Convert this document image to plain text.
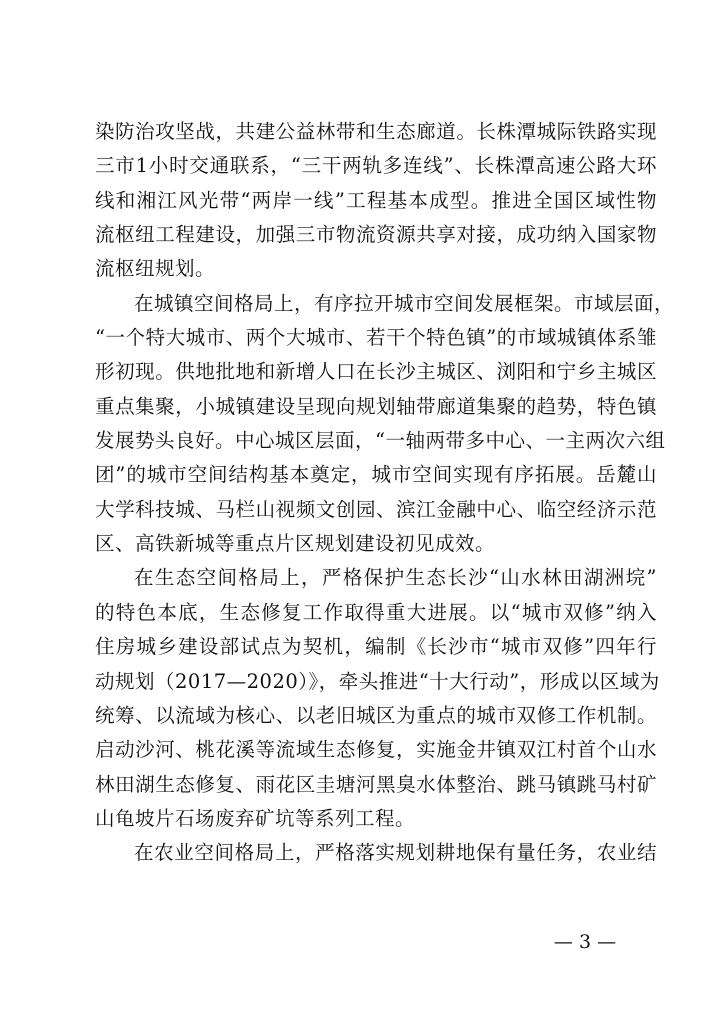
染防治攻坚战，共建公益林带和生态廊道。长株潭城际铁路实现
三市1小时交通联系，“三干两轨多连线”、长株潭高速公路大环
线和湘江风光带“两岸一线”工程基本成型。推进全国区域性物
流枢纽工程建设，加强三市物流资源共享对接，成功纳入国家物
流枢纽规划。
在城镇空间格局上，有序拉开城市空间发展框架。市域层面，
“一个特大城市、两个大城市、若干个特色镇”的市域城镇体系雏
形初现。供地批地和新增人口在长沙主城区、浏阳和宁乡主城区
重点集聚，小城镇建设呈现向规划轴带廊道集聚的趋势，特色镇
发展势头良好。中心城区层面，“一轴两带多中心、一主两次六组
团”的城市空间结构基本奠定，城市空间实现有序拓展。岳麓山
大学科技城、马栏山视频文创园、滨江金融中心、临空经济示范
区、高铁新城等重点片区规划建设初见成效。
在生态空间格局上，严格保护生态长沙“山水林田湖洲垸”
的特色本底，生态修复工作取得重大进展。以“城市双修”纳入
住房城乡建设部试点为契机，编制《长沙市“城市双修”四年行
动规划（2017—2020）》，牵头推进“十大行动”，形成以区域为
统筹、以流域为核心、以老旧城区为重点的城市双修工作机制。
启动沙河、桃花溪等流域生态修复，实施金井镇双江村首个山水
林田湖生态修复、雨花区圭塘河黑臭水体整治、跳马镇跳马村矿
山龟坡片石场废弃矿坑等系列工程。
在农业空间格局上，严格落实规划耕地保有量任务，农业结
— 3 —
